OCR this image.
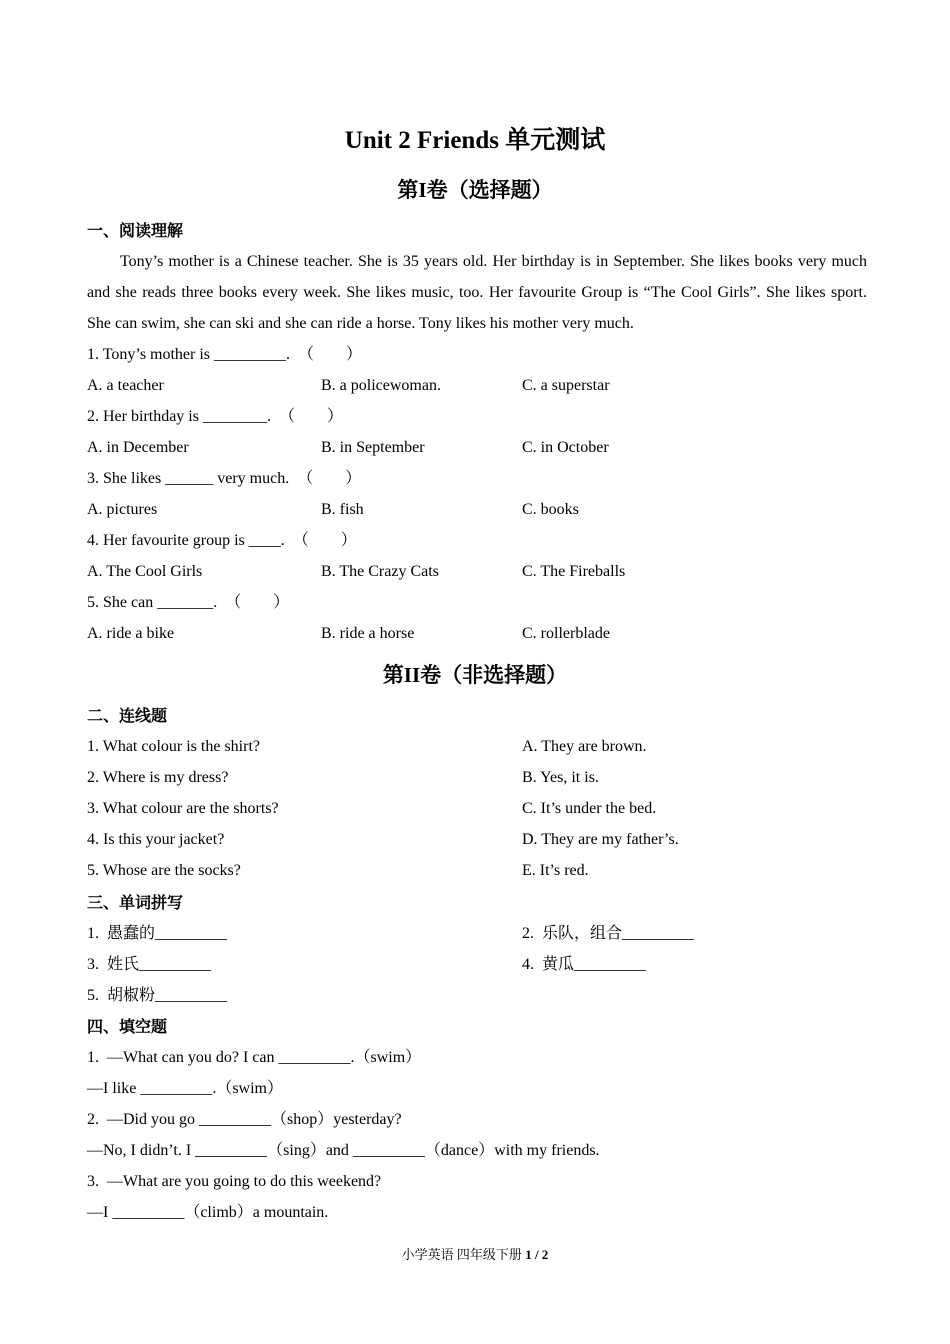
Unit 2 Friends 单元测试
第I卷（选择题）
一、阅读理解
Tony’s mother is a Chinese teacher. She is 35 years old. Her birthday is in September. She likes books very much and she reads three books every week. She likes music, too. Her favourite Group is “The Cool Girls”. She likes sport. She can swim, she can ski and she can ride a horse. Tony likes his mother very much.
1. Tony’s mother is _________.  （　　）
A. a teacher	B. a policewoman.	C. a superstar
2. Her birthday is ________.  （　　）
A. in December	B. in September	C. in October
3. She likes ______ very much.  （　　）
A. pictures	B. fish	C. books
4. Her favourite group is ____.  （　　）
A. The Cool Girls	B. The Crazy Cats	C. The Fireballs
5. She can _______.  （　　）
A. ride a bike	B. ride a horse	C. rollerblade
第II卷（非选择题）
二、连线题
1. What colour is the shirt?	A. They are brown.
2. Where is my dress?	B. Yes, it is.
3. What colour are the shorts?	C. It’s under the bed.
4. Is this your jacket?	D. They are my father’s.
5. Whose are the socks?	E. It’s red.
三、单词拼写
1.  愚蠢的_________	2.  乐队，组合_________
3.  姓氏_________	4.  黄瓜_________
5.  胡椒粉_________
四、填空题
1.  —What can you do? I can _________.（swim）
—I like _________.（swim）
2.  —Did you go _________（shop）yesterday?
—No, I didn’t. I _________（sing）and _________（dance）with my friends.
3.  —What are you going to do this weekend?
—I _________（climb）a mountain.
小学英语 四年级下册 1 / 2
